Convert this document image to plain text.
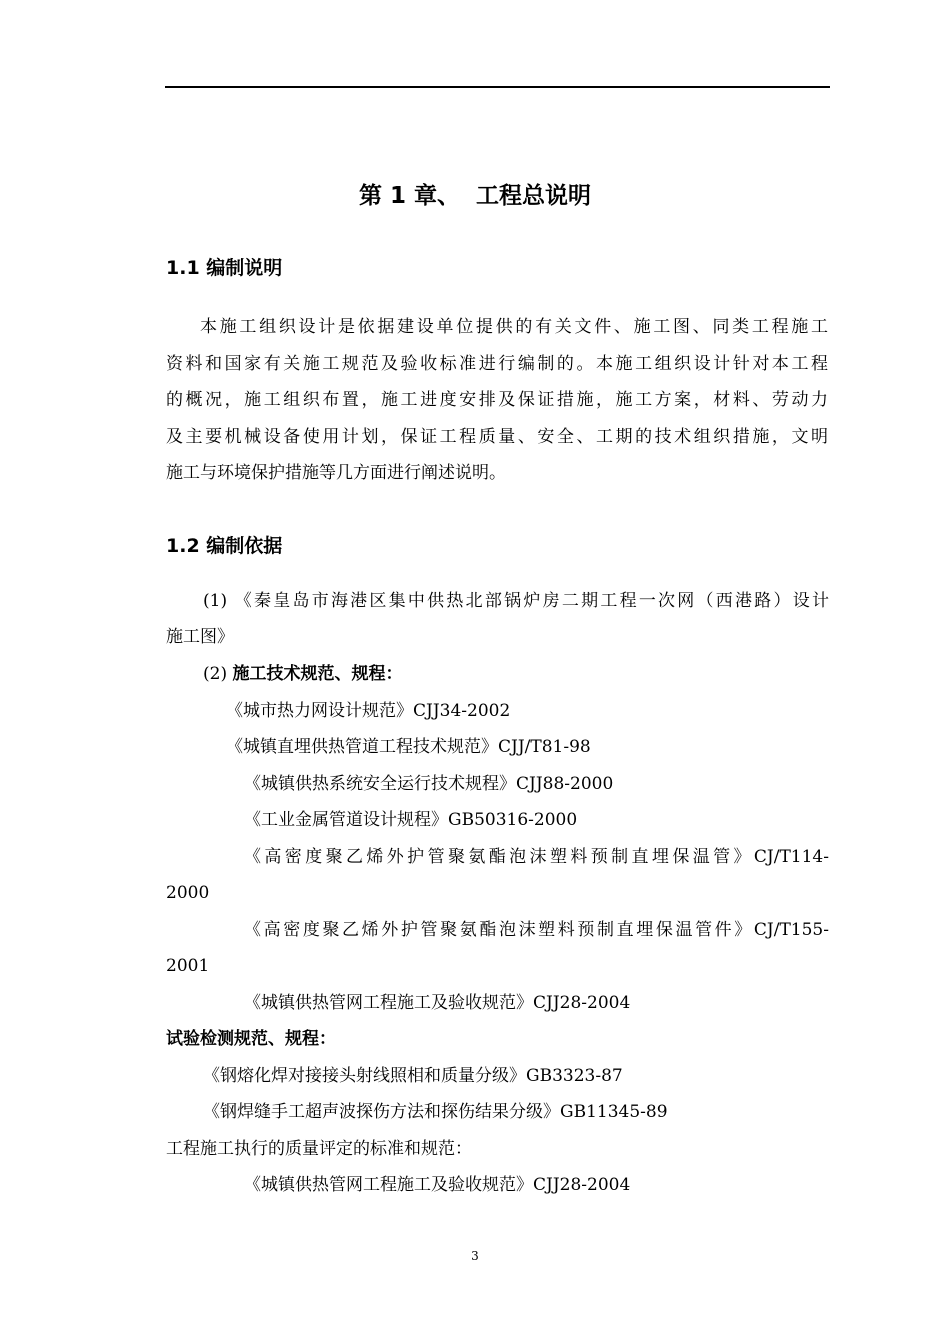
第 1 章、  工程总说明
1.1 编制说明
本施工组织设计是依据建设单位提供的有关文件、施工图、同类工程施工
资料和国家有关施工规范及验收标准进行编制的。本施工组织设计针对本工程
的概况，施工组织布置，施工进度安排及保证措施，施工方案，材料、劳动力
及主要机械设备使用计划，保证工程质量、安全、工期的技术组织措施，文明
施工与环境保护措施等几方面进行阐述说明。
1.2 编制依据
(1) 《秦皇岛市海港区集中供热北部锅炉房二期工程一次网（西港路）设计
施工图》
(2) 施工技术规范、规程：
《城市热力网设计规范》CJJ34-2002
《城镇直埋供热管道工程技术规范》CJJ/T81-98
《城镇供热系统安全运行技术规程》CJJ88-2000
《工业金属管道设计规程》GB50316-2000
《高密度聚乙烯外护管聚氨酯泡沫塑料预制直埋保温管》CJ/T114-
2000
《高密度聚乙烯外护管聚氨酯泡沫塑料预制直埋保温管件》CJ/T155-
2001
《城镇供热管网工程施工及验收规范》CJJ28-2004
试验检测规范、规程：
《钢熔化焊对接接头射线照相和质量分级》GB3323-87
《钢焊缝手工超声波探伤方法和探伤结果分级》GB11345-89
工程施工执行的质量评定的标准和规范：
《城镇供热管网工程施工及验收规范》CJJ28-2004
3
